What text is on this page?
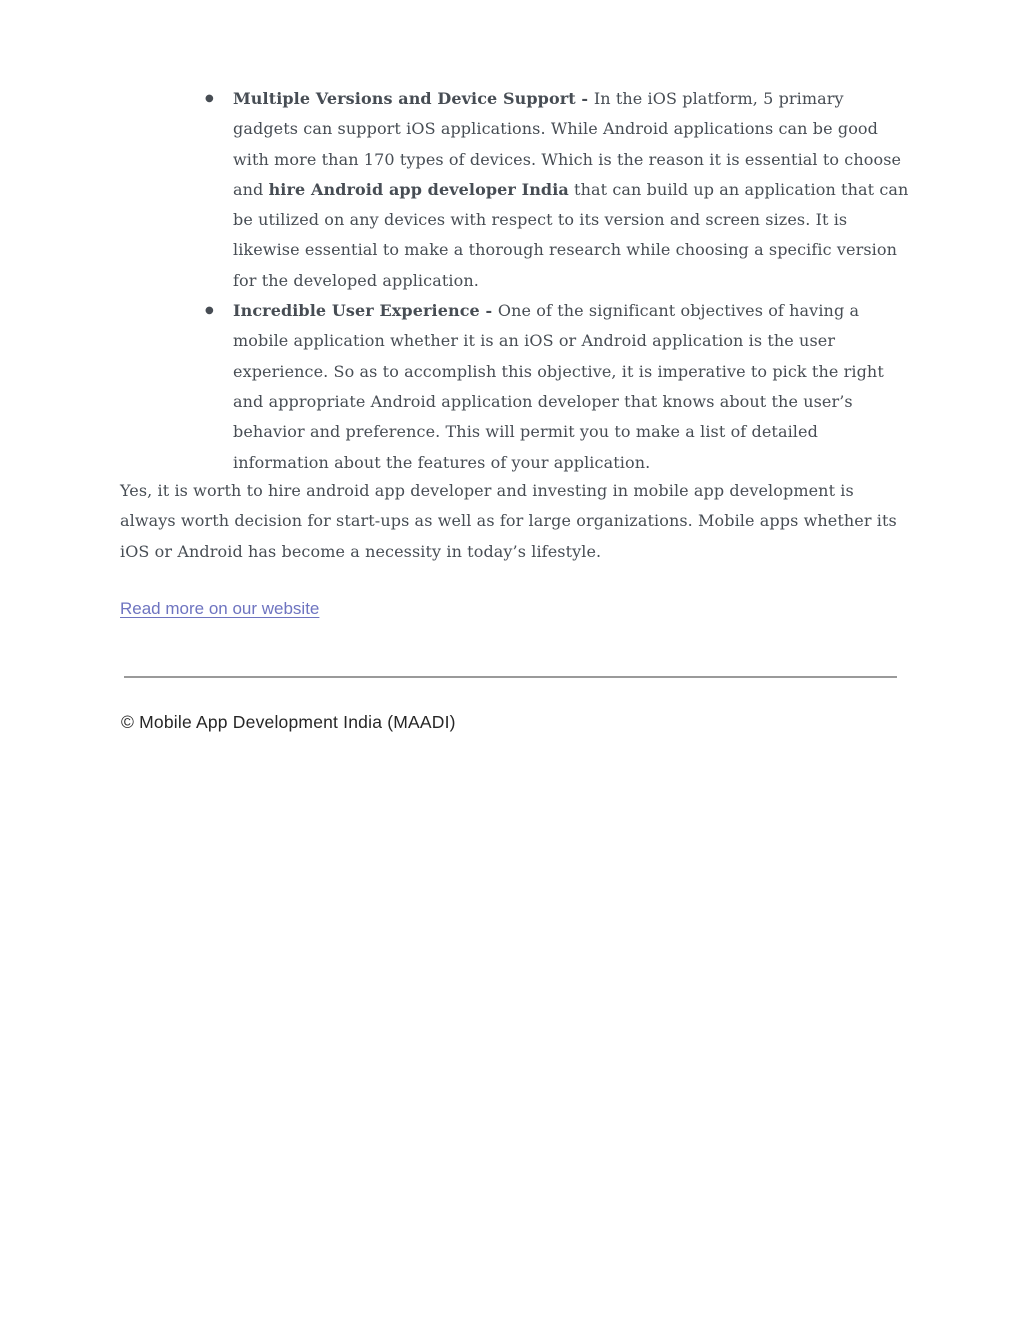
● Multiple Versions and Device Support - In the iOS platform, 5 primary gadgets can support iOS applications. While Android applications can be good with more than 170 types of devices. Which is the reason it is essential to choose and hire Android app developer India that can build up an application that can be utilized on any devices with respect to its version and screen sizes. It is likewise essential to make a thorough research while choosing a specific version for the developed application.
● Incredible User Experience - One of the significant objectives of having a mobile application whether it is an iOS or Android application is the user experience. So as to accomplish this objective, it is imperative to pick the right and appropriate Android application developer that knows about the user’s behavior and preference. This will permit you to make a list of detailed information about the features of your application.

Yes, it is worth to hire android app developer and investing in mobile app development is always worth decision for start-ups as well as for large organizations. Mobile apps whether its iOS or Android has become a necessity in today’s lifestyle.

Read more on our website

© Mobile App Development India (MAADI)
